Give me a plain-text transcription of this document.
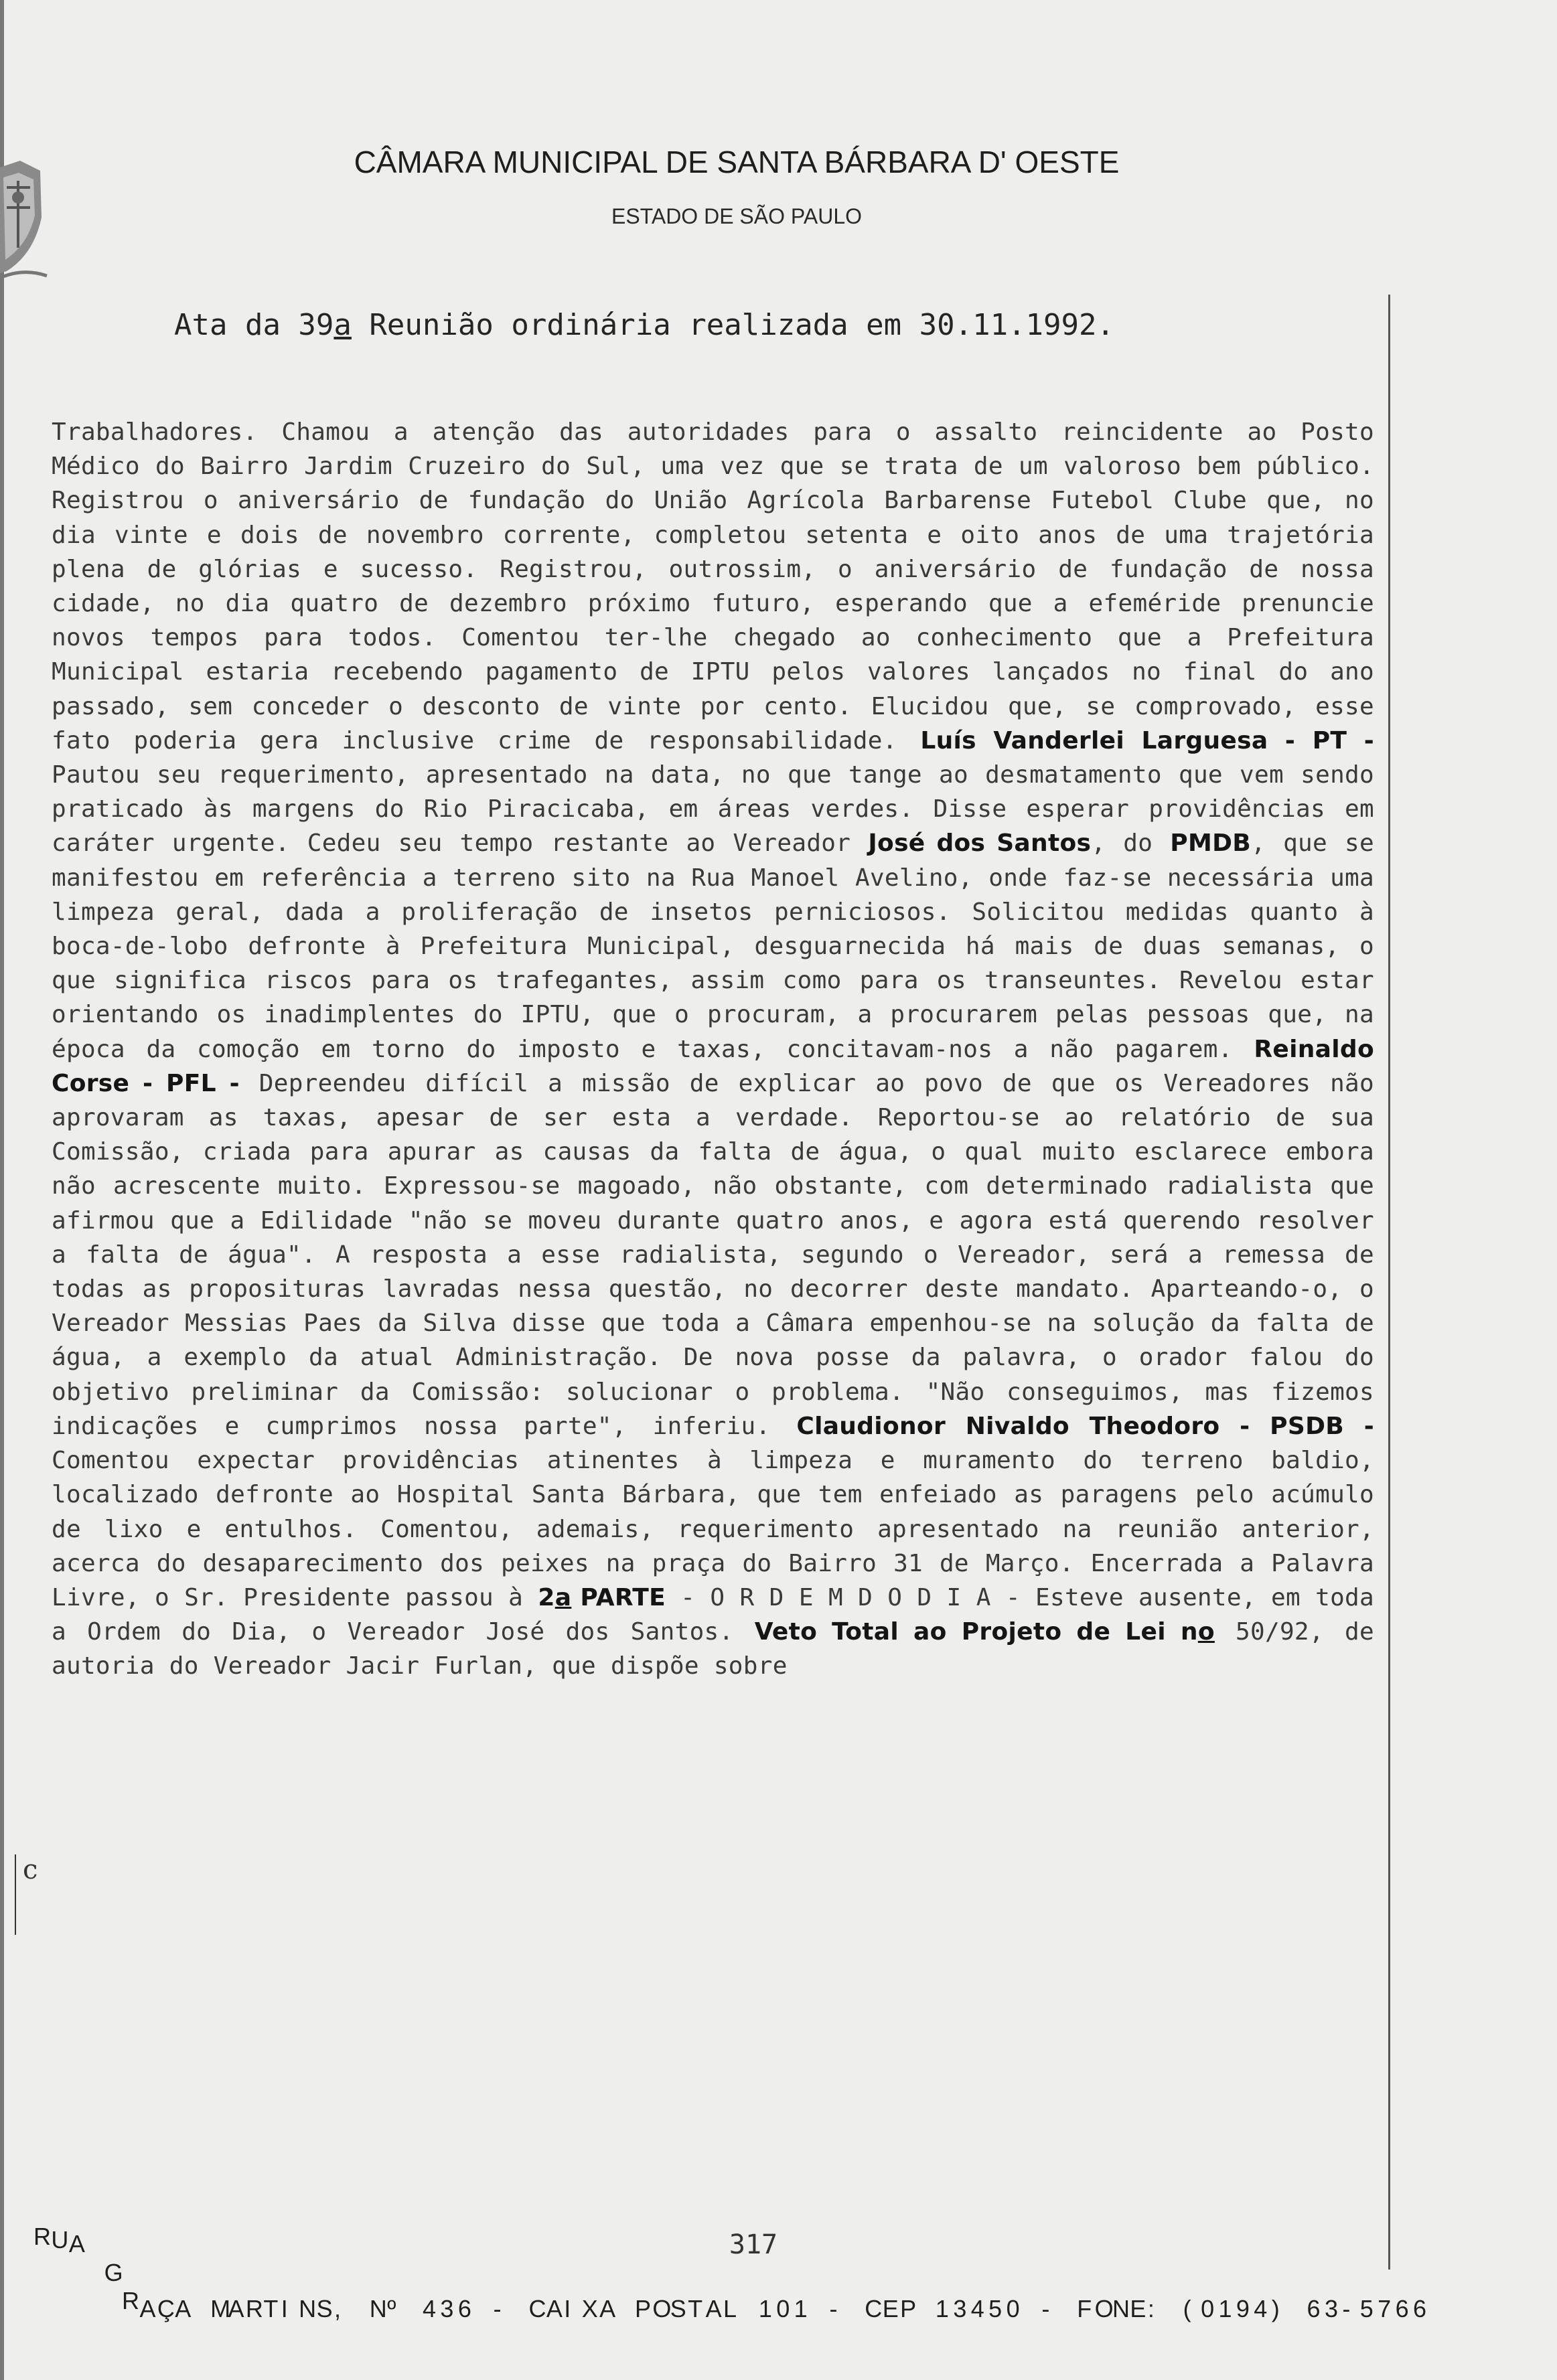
CÂMARA MUNICIPAL DE SANTA BÁRBARA D' OESTE
ESTADO DE SÃO PAULO
Ata da 39a Reunião ordinária realizada em 30.11.1992.
Trabalhadores. Chamou a atenção das autoridades para o assalto reincidente ao Posto Médico do Bairro Jardim Cruzeiro do Sul, uma vez que se trata de um valoroso bem público. Registrou o aniversário de fundação do União Agrícola Barbarense Futebol Clube que, no dia vinte e dois de novembro corrente, completou setenta e oito anos de uma trajetória plena de glórias e sucesso. Registrou, outrossim, o aniversário de fundação de nossa cidade, no dia quatro de dezembro próximo futuro, esperando que a efeméride prenuncie novos tempos para todos. Comentou ter-lhe chegado ao conhecimento que a Prefeitura Municipal estaria recebendo pagamento de IPTU pelos valores lançados no final do ano passado, sem conceder o desconto de vinte por cento. Elucidou que, se comprovado, esse fato poderia gera inclusive crime de responsabilidade. Luís Vanderlei Larguesa - PT - Pautou seu requerimento, apresentado na data, no que tange ao desmatamento que vem sendo praticado às margens do Rio Piracicaba, em áreas verdes. Disse esperar providências em caráter urgente. Cedeu seu tempo restante ao Vereador José dos Santos, do PMDB, que se manifestou em referência a terreno sito na Rua Manoel Avelino, onde faz-se necessária uma limpeza geral, dada a proliferação de insetos perniciosos. Solicitou medidas quanto à boca-de-lobo defronte à Prefeitura Municipal, desguarnecida há mais de duas semanas, o que significa riscos para os trafegantes, assim como para os transeuntes. Revelou estar orientando os inadimplentes do IPTU, que o procuram, a procurarem pelas pessoas que, na época da comoção em torno do imposto e taxas, concitavam-nos a não pagarem. Reinaldo Corse - PFL - Depreendeu difícil a missão de explicar ao povo de que os Vereadores não aprovaram as taxas, apesar de ser esta a verdade. Reportou-se ao relatório de sua Comissão, criada para apurar as causas da falta de água, o qual muito esclarece embora não acrescente muito. Expressou-se magoado, não obstante, com determinado radialista que afirmou que a Edilidade "não se moveu durante quatro anos, e agora está querendo resolver a falta de água". A resposta a esse radialista, segundo o Vereador, será a remessa de todas as proposituras lavradas nessa questão, no decorrer deste mandato. Aparteando-o, o Vereador Messias Paes da Silva disse que toda a Câmara empenhou-se na solução da falta de água, a exemplo da atual Administração. De nova posse da palavra, o orador falou do objetivo preliminar da Comissão: solucionar o problema. "Não conseguimos, mas fizemos indicações e cumprimos nossa parte", inferiu. Claudionor Nivaldo Theodoro - PSDB - Comentou expectar providências atinentes à limpeza e muramento do terreno baldio, localizado defronte ao Hospital Santa Bárbara, que tem enfeiado as paragens pelo acúmulo de lixo e entulhos. Comentou, ademais, requerimento apresentado na reunião anterior, acerca do desaparecimento dos peixes na praça do Bairro 31 de Março. Encerrada a Palavra Livre, o Sr. Presidente passou à 2a PARTE - O R D E M D O D I A - Esteve ausente, em toda a Ordem do Dia, o Vereador José dos Santos. Veto Total ao Projeto de Lei no 50/92, de autoria do Vereador Jacir Furlan, que dispõe sobre
c
317
R
U
A
G
R
A
Ç
A M
A
R
T I N
S
, N
º 4 3 6 - C
A
I X
A P
O
S
T A
L 1 0 1 - C
E
P 1 3 4 5 0 - F O
N
E
: ( 0 1 9 4 ) 6 3 - 5 7 6 6
